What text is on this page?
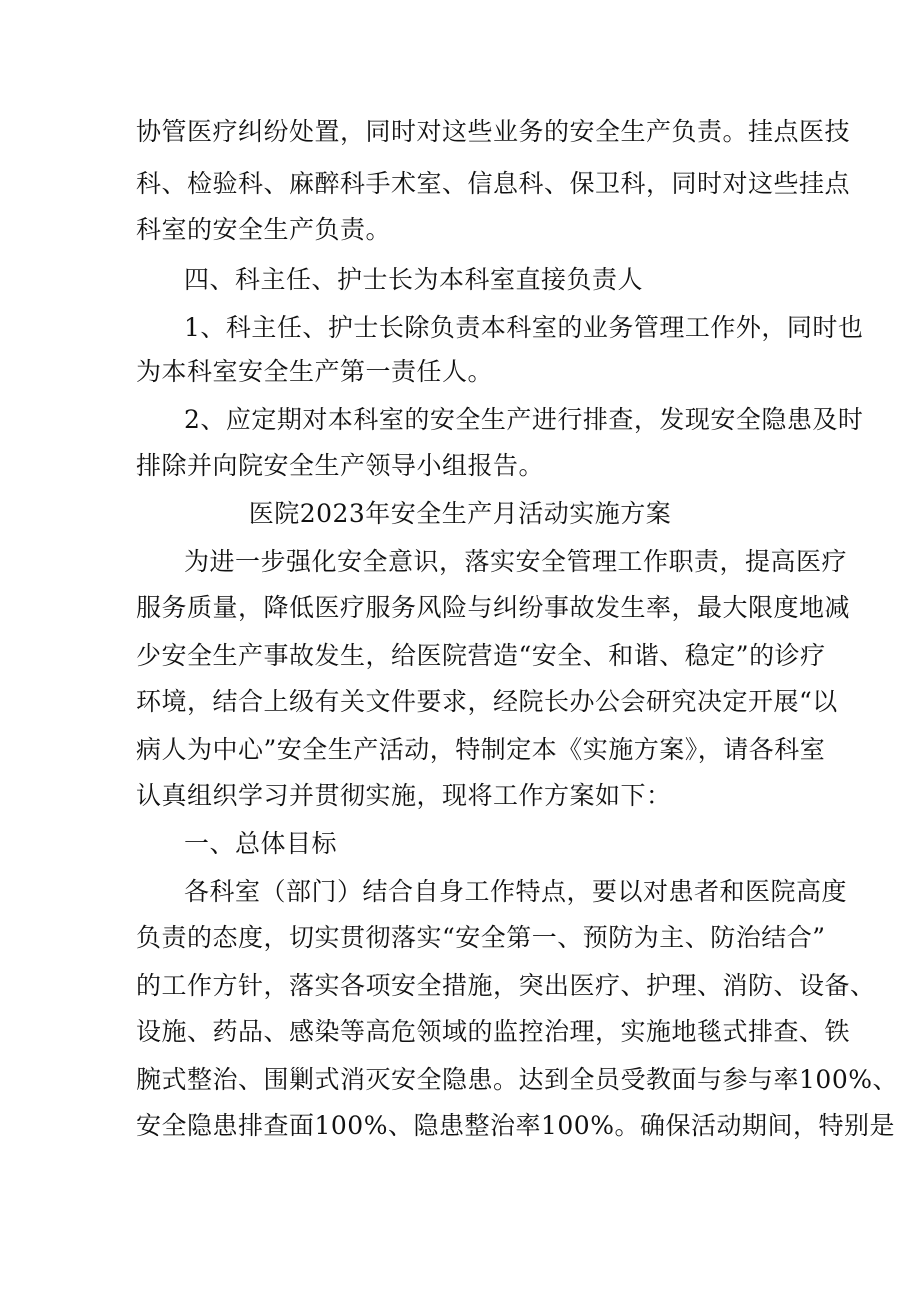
协管医疗纠纷处置，同时对这些业务的安全生产负责。挂点医技
科、检验科、麻醉科手术室、信息科、保卫科，同时对这些挂点
科室的安全生产负责。
四、科主任、护士长为本科室直接负责人
1、科主任、护士长除负责本科室的业务管理工作外，同时也
为本科室安全生产第一责任人。
2、应定期对本科室的安全生产进行排查，发现安全隐患及时
排除并向院安全生产领导小组报告。
医院2023年安全生产月活动实施方案
为进一步强化安全意识，落实安全管理工作职责，提高医疗
服务质量，降低医疗服务风险与纠纷事故发生率，最大限度地减
少安全生产事故发生，给医院营造“安全、和谐、稳定”的诊疗
环境，结合上级有关文件要求，经院长办公会研究决定开展“以
病人为中心”安全生产活动，特制定本《实施方案》，请各科室
认真组织学习并贯彻实施，现将工作方案如下：
一、总体目标
各科室（部门）结合自身工作特点，要以对患者和医院高度
负责的态度，切实贯彻落实“安全第一、预防为主、防治结合”
的工作方针，落实各项安全措施，突出医疗、护理、消防、设备、
设施、药品、感染等高危领域的监控治理，实施地毯式排查、铁
腕式整治、围剿式消灭安全隐患。达到全员受教面与参与率100%、
安全隐患排查面100%、隐患整治率100%。确保活动期间，特别是
